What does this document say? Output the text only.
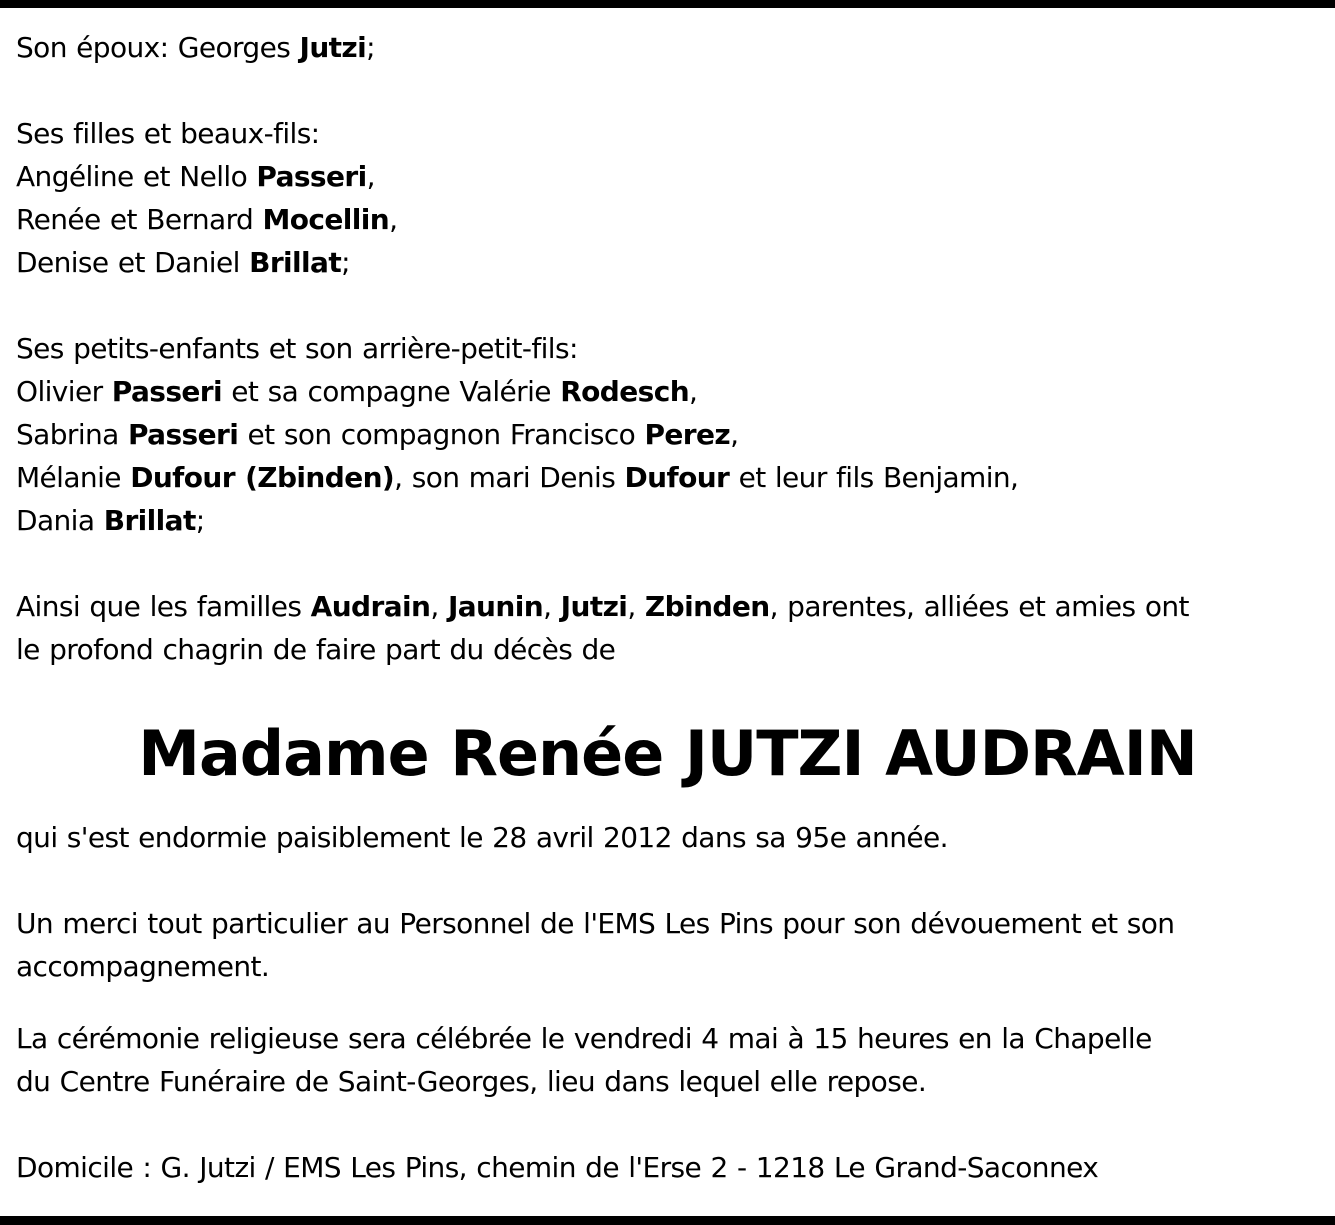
Son époux: Georges Jutzi;

Ses filles et beaux-fils:

Angéline et Nello Passeri,

Renée et Bernard Mocellin,

Denise et Daniel Brillat;

Ses petits-enfants et son arrière-petit-fils:

Olivier Passeri et sa compagne Valérie Rodesch,

Sabrina Passeri et son compagnon Francisco Perez,

Mélanie Dufour (Zbinden), son mari Denis Dufour et leur fils Benjamin,

Dania Brillat;

Ainsi que les familles Audrain, Jaunin, Jutzi, Zbinden, parentes, alliées et amies ont

le profond chagrin de faire part du décès de

Madame Renée JUTZI AUDRAIN

qui s'est endormie paisiblement le 28 avril 2012 dans sa 95e année.

Un merci tout particulier au Personnel de l'EMS Les Pins pour son dévouement et son

accompagnement.

La cérémonie religieuse sera célébrée le vendredi 4 mai à 15 heures en la Chapelle

du Centre Funéraire de Saint-Georges, lieu dans lequel elle repose.

Domicile : G. Jutzi / EMS Les Pins, chemin de l'Erse 2 - 1218 Le Grand-Saconnex
